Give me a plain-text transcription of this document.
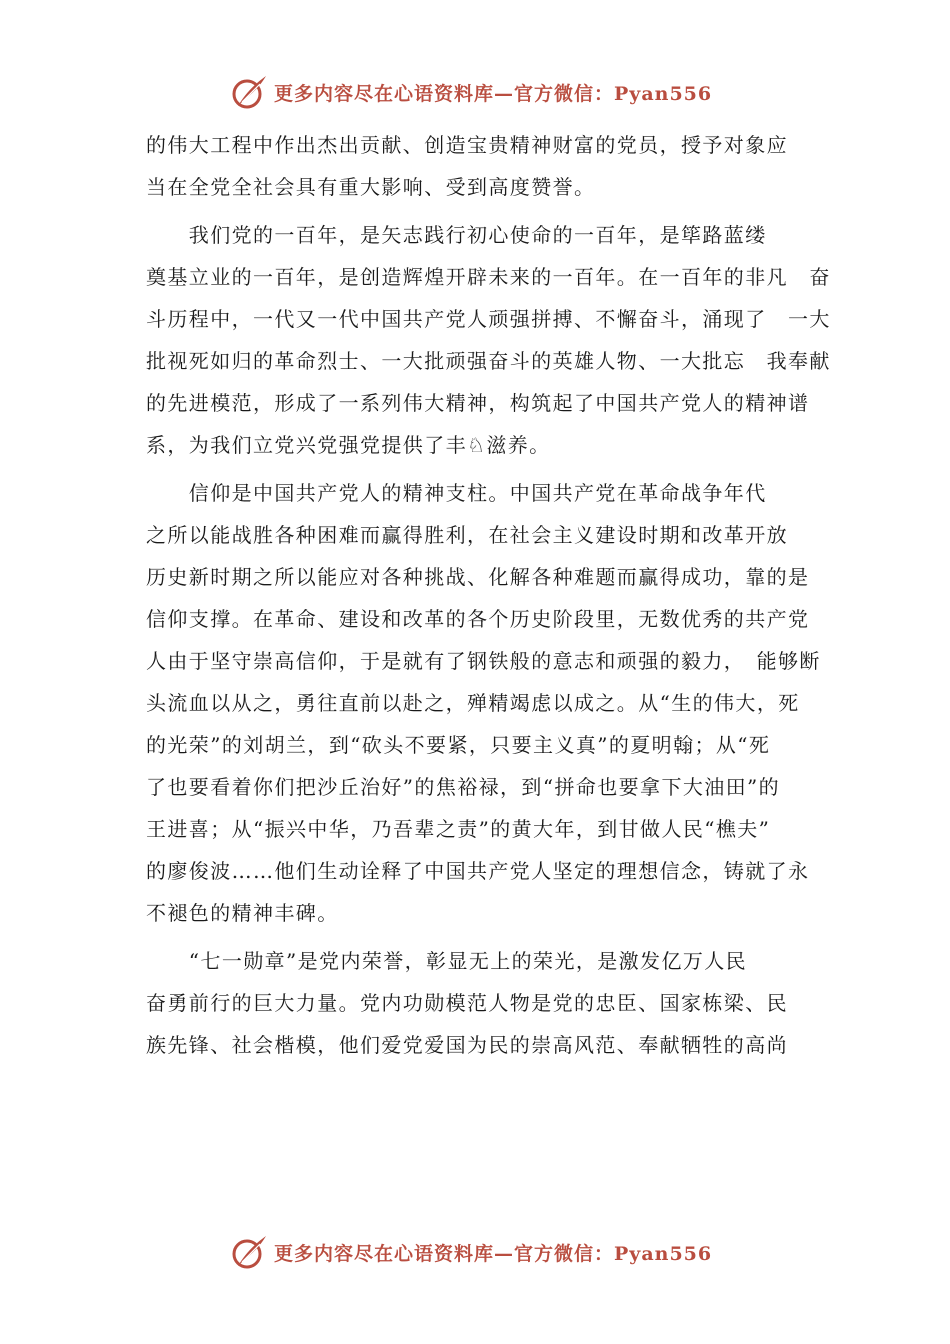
更多内容尽在心语资料库—官方微信：Pyan556
的伟大工程中作出杰出贡献、创造宝贵精神财富的党员，授予对象应
当在全党全社会具有重大影响、受到高度赞誉。
　　我们党的一百年，是矢志践行初心使命的一百年，是筚路蓝缕
奠基立业的一百年，是创造辉煌开辟未来的一百年。在一百年的非凡　奋
斗历程中，一代又一代中国共产党人顽强拼搏、不懈奋斗，涌现了　一大
批视死如归的革命烈士、一大批顽强奋斗的英雄人物、一大批忘　我奉献
的先进模范，形成了一系列伟大精神，构筑起了中国共产党人的精神谱
系，为我们立党兴党强党提供了丰♘滋养。
　　信仰是中国共产党人的精神支柱。中国共产党在革命战争年代
之所以能战胜各种困难而赢得胜利，在社会主义建设时期和改革开放
历史新时期之所以能应对各种挑战、化解各种难题而赢得成功，靠的是
信仰支撑。在革命、建设和改革的各个历史阶段里，无数优秀的共产党
人由于坚守崇高信仰，于是就有了钢铁般的意志和顽强的毅力，　能够断
头流血以从之，勇往直前以赴之，殚精竭虑以成之。从“生的伟大，死
的光荣”的刘胡兰，到“砍头不要紧，只要主义真”的夏明翰；从“死
了也要看着你们把沙丘治好”的焦裕禄，到“拼命也要拿下大油田”的
王进喜；从“振兴中华，乃吾辈之责”的黄大年，到甘做人民“樵夫”
的廖俊波……他们生动诠释了中国共产党人坚定的理想信念，铸就了永
不褪色的精神丰碑。
　　“七一勋章”是党内荣誉，彰显无上的荣光，是激发亿万人民
奋勇前行的巨大力量。党内功勋模范人物是党的忠臣、国家栋梁、民
族先锋、社会楷模，他们爱党爱国为民的崇高风范、奉献牺牲的高尚
更多内容尽在心语资料库—官方微信：Pyan556
